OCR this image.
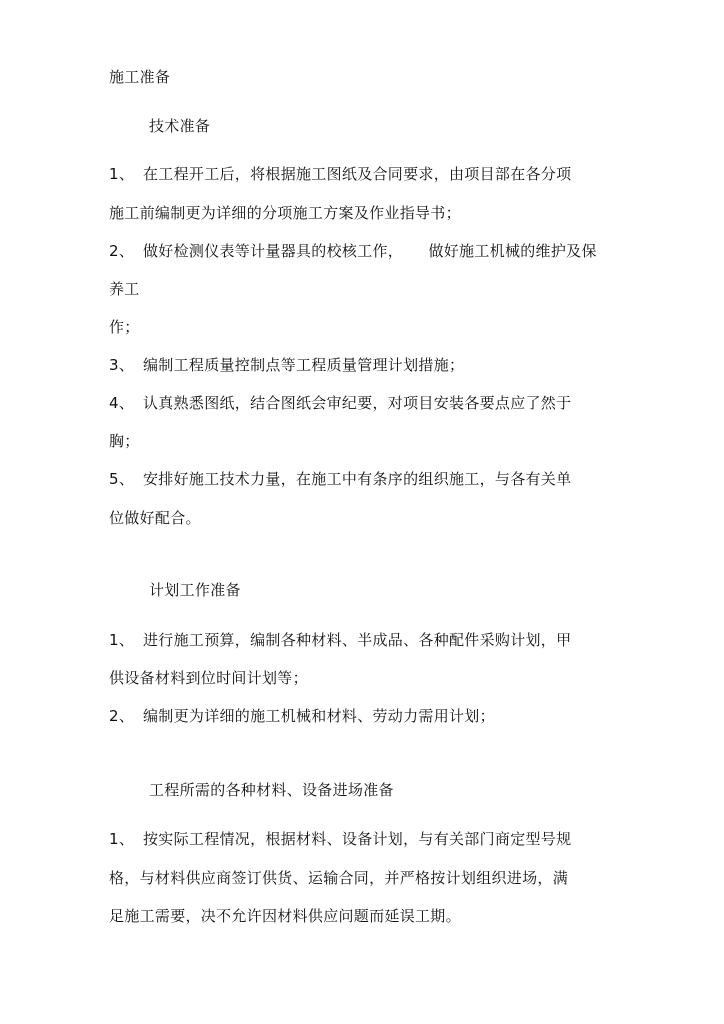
施工准备
技术准备
1、 在工程开工后，将根据施工图纸及合同要求，由项目部在各分项
施工前编制更为详细的分项施工方案及作业指导书；
2、 做好检测仪表等计量器具的校核工作，     做好施工机械的维护及保
养工
作；
3、 编制工程质量控制点等工程质量管理计划措施；
4、 认真熟悉图纸，结合图纸会审纪要，对项目安装各要点应了然于
胸；
5、 安排好施工技术力量，在施工中有条序的组织施工，与各有关单
位做好配合。
计划工作准备
1、 进行施工预算，编制各种材料、半成品、各种配件采购计划，甲
供设备材料到位时间计划等；
2、 编制更为详细的施工机械和材料、劳动力需用计划；
工程所需的各种材料、设备进场准备
1、 按实际工程情况，根据材料、设备计划，与有关部门商定型号规
格，与材料供应商签订供货、运输合同，并严格按计划组织进场，满
足施工需要，决不允许因材料供应问题而延误工期。
